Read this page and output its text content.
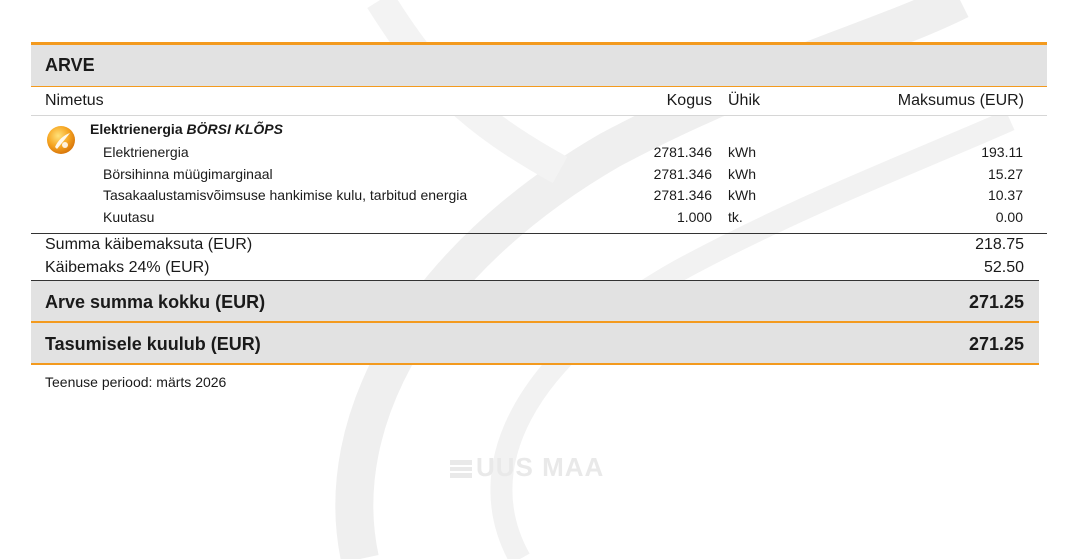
UUS MAA
ARVE
Nimetus	Kogus Ühik	Maksumus (EUR)
Elektrienergia BÖRSI KLÕPS
Elektrienergia	2781.346 kWh	193.11
Börsihinna müügimarginaal	2781.346 kWh	15.27
Tasakaalustamisvõimsuse hankimise kulu, tarbitud energia	2781.346 kWh	10.37
Kuutasu	1.000 tk.	0.00
Summa käibemaksuta (EUR)	218.75
Käibemaks 24% (EUR)	52.50
Arve summa kokku (EUR)	271.25
Tasumisele kuulub (EUR)	271.25
Teenuse periood: märts 2026
